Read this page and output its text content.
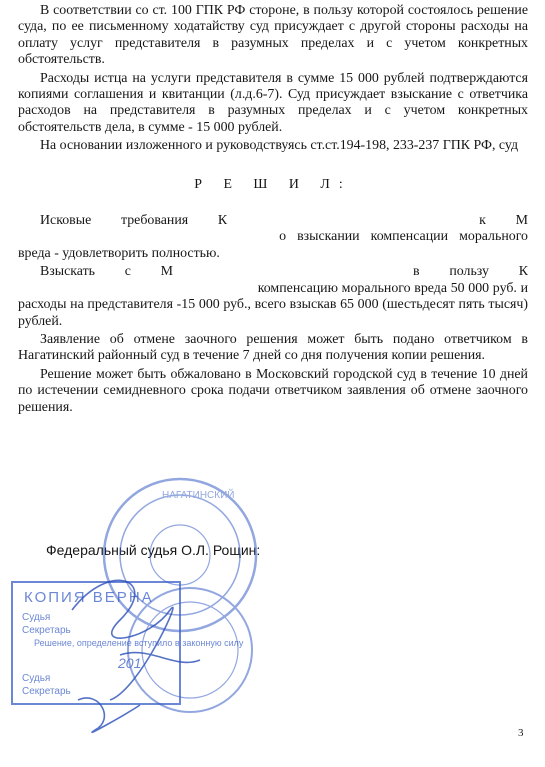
В соответствии со ст. 100 ГПК РФ стороне, в пользу которой состоялось решение суда, по ее письменному ходатайству суд присуждает с другой стороны расходы на оплату услуг представителя в разумных пределах и с учетом конкретных обстоятельств.

Расходы истца на услуги представителя в сумме 15 000 рублей подтверждаются копиями соглашения и квитанции (л.д.6-7). Суд присуждает взыскание с ответчика расходов на представителя в разумных пределах и с учетом конкретных обстоятельств дела, в сумме - 15 000 рублей.

На основании изложенного и руководствуясь ст.ст.194-198, 233-237 ГПК РФ, суд

Р Е Ш И Л:

Исковые требования К	к М о взыскании компенсации морального вреда - удовлетворить полностью.

Взыскать с М	в пользу К компенсацию морального вреда 50 000 руб. и расходы на представителя -15 000 руб., всего взыскав 65 000 (шестьдесят пять тысяч) рублей.

Заявление об отмене заочного решения может быть подано ответчиком в Нагатинский районный суд в течение 7 дней со дня получения копии решения.

Решение может быть обжаловано в Московский городской суд в течение 10 дней по истечении семидневного срока подачи ответчиком заявления об отмене заочного решения.

Федеральный судья О.Л. Рощин:
НАГАТИНСКИЙ
КОПИЯ ВЕРНА
Судья
Секретарь
Решение, определение вступило в законную силу
201
Судья
Секретарь
3
